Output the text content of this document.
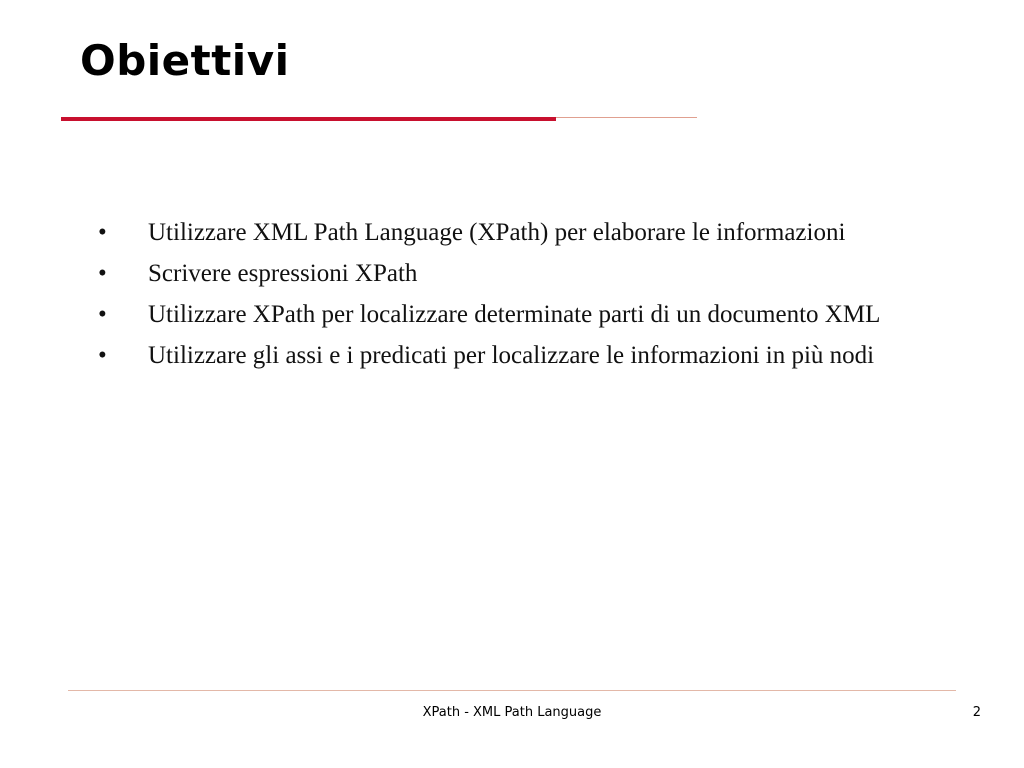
Obiettivi
• Utilizzare XML Path Language (XPath) per elaborare le informazioni
• Scrivere espressioni XPath
• Utilizzare XPath per localizzare determinate parti di un documento XML
• Utilizzare gli assi e i predicati per localizzare le informazioni in più nodi
XPath - XML Path Language	2
